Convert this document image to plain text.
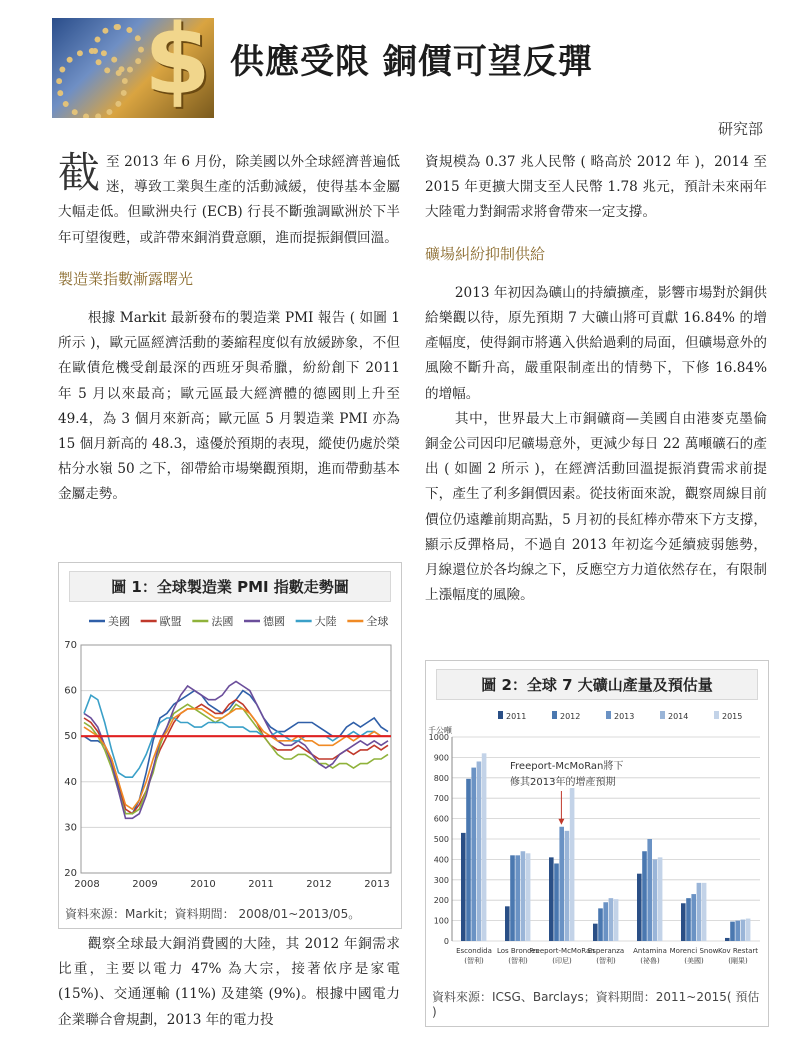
$ 供應受限 銅價可望反彈
研究部

截至 2013 年 6 月份，除美國以外全球經濟普遍低迷，導致工業與生產的活動減緩，使得基本金屬大幅走低。但歐洲央行 (ECB) 行長不斷強調歐洲於下半年可望復甦，或許帶來銅消費意願，進而提振銅價回溫。

製造業指數漸露曙光

根據 Markit 最新發布的製造業 PMI 報告 ( 如圖 1 所示 )，歐元區經濟活動的萎縮程度似有放緩跡象，不但在歐債危機受創最深的西班牙與希臘，紛紛創下 2011 年 5 月以來最高；歐元區最大經濟體的德國則上升至 49.4，為 3 個月來新高；歐元區 5 月製造業 PMI 亦為 15 個月新高的 48.3，遠優於預期的表現，縱使仍處於榮枯分水嶺 50 之下，卻帶給市場樂觀預期，進而帶動基本金屬走勢。

圖 1：全球製造業 PMI 指數走勢圖
美國	歐盟	法國	德國	大陸	全球
20
30
40
50
60
70
2008	2009	2010	2011	2012	2013
資料來源：Markit；資料期間： 2008/01~2013/05。

觀察全球最大銅消費國的大陸，其 2012 年銅需求比重，主要以電力 47% 為大宗，接著依序是家電 (15%)、交通運輸 (11%) 及建築 (9%)。根據中國電力企業聯合會規劃，2013 年的電力投

資規模為 0.37 兆人民幣 ( 略高於 2012 年 )，2014 至 2015 年更擴大開支至人民幣 1.78 兆元，預計未來兩年大陸電力對銅需求將會帶來一定支撐。

礦場糾紛抑制供給

2013 年初因為礦山的持續擴產，影響市場對於銅供給樂觀以待，原先預期 7 大礦山將可貢獻 16.84% 的增產幅度，使得銅市將邁入供給過剩的局面，但礦場意外的風險不斷升高，嚴重限制產出的情勢下，下修 16.84% 的增幅。

其中，世界最大上市銅礦商—美國自由港麥克墨倫銅金公司因印尼礦場意外，更減少每日 22 萬噸礦石的產出 ( 如圖 2 所示 )，在經濟活動回溫提振消費需求前提下，產生了利多銅價因素。從技術面來說，觀察周線目前價位仍遠離前期高點，5 月初的長紅棒亦帶來下方支撐，顯示反彈格局，不過自 2013 年初迄今延續疲弱態勢，月線還位於各均線之下，反應空方力道依然存在，有限制上漲幅度的風險。

圖 2：全球 7 大礦山產量及預估量
2011	2012	2013	2014	2015
千公噸
0
100
200
300
400
500
600
700
800
900
1000
Escondida
(智利)
Los Bronces
(智利)
Freeport-McMoRan
(印尼)
Esperanza
(智利)
Antamina
(祕魯)
Morenci Snow
(美國)
Kov Restart
(剛果)
Freeport-McMoRan將下
修其2013年的增產預期
資料來源：ICSG、Barclays；資料期間：2011~2015( 預估 )
